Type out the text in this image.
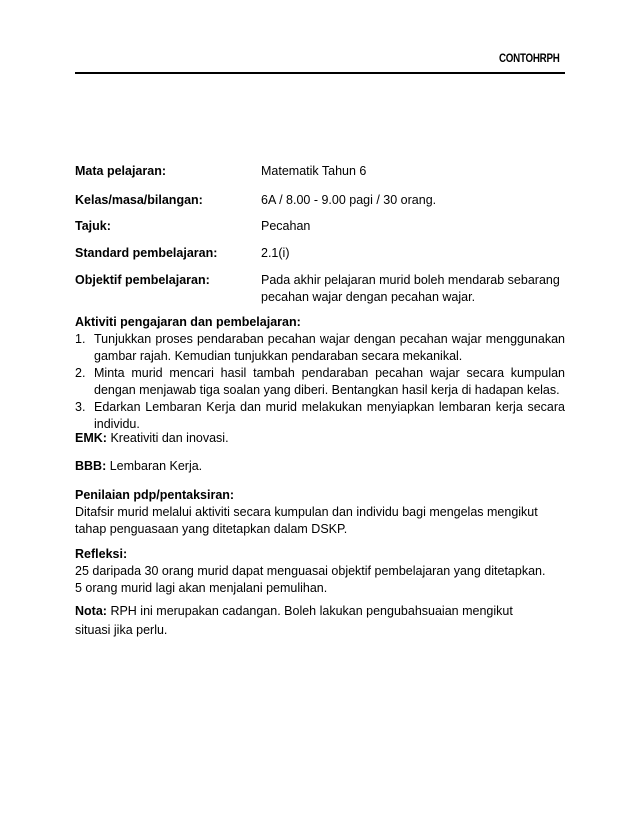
CONTOHRPH
Mata pelajaran:	Matematik Tahun 6
Kelas/masa/bilangan:	6A / 8.00 - 9.00 pagi / 30 orang.
Tajuk:	Pecahan
Standard pembelajaran:	2.1(i)
Objektif pembelajaran:	Pada akhir pelajaran murid boleh mendarab sebarang pecahan wajar dengan pecahan wajar.
Aktiviti pengajaran dan pembelajaran:
1. Tunjukkan proses pendaraban pecahan wajar dengan pecahan wajar menggunakan gambar rajah. Kemudian tunjukkan pendaraban secara mekanikal.
2. Minta murid mencari hasil tambah pendaraban pecahan wajar secara kumpulan dengan menjawab tiga soalan yang diberi. Bentangkan hasil kerja di hadapan kelas.
3. Edarkan Lembaran Kerja dan murid melakukan menyiapkan lembaran kerja secara individu.
EMK: Kreativiti dan inovasi.
BBB: Lembaran Kerja.
Penilaian pdp/pentaksiran:
Ditafsir murid melalui aktiviti secara kumpulan dan individu bagi mengelas mengikut
tahap penguasaan yang ditetapkan dalam DSKP.
Refleksi:
25 daripada 30 orang murid dapat menguasai objektif pembelajaran yang ditetapkan.
5 orang murid lagi akan menjalani pemulihan.
Nota: RPH ini merupakan cadangan. Boleh lakukan pengubahsuaian mengikut situasi jika perlu.
